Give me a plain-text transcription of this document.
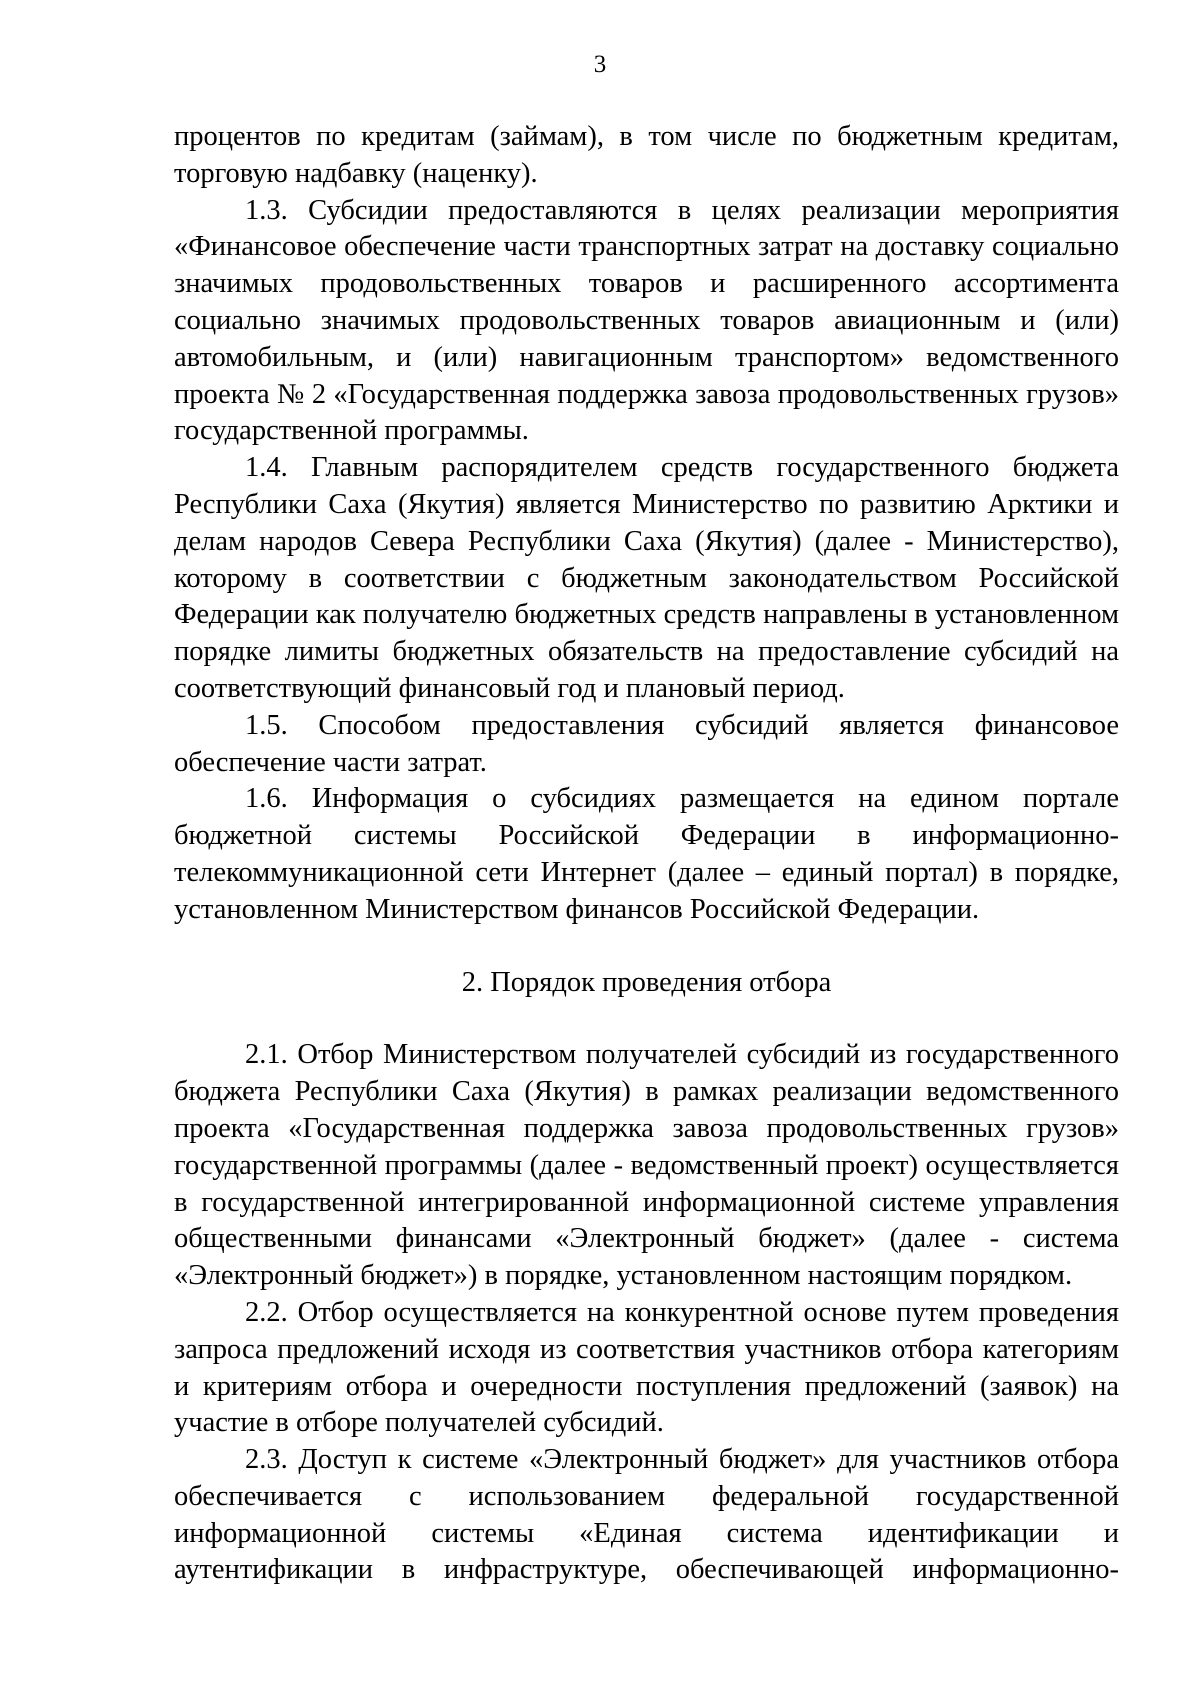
3

процентов по кредитам (займам), в том числе по бюджетным кредитам, торговую надбавку (наценку).

1.3. Субсидии предоставляются в целях реализации мероприятия «Финансовое обеспечение части транспортных затрат на доставку социально значимых продовольственных товаров и расширенного ассортимента социально значимых продовольственных товаров авиационным и (или) автомобильным, и (или) навигационным транспортом» ведомственного проекта № 2 «Государственная поддержка завоза продовольственных грузов» государственной программы.

1.4. Главным распорядителем средств государственного бюджета Республики Саха (Якутия) является Министерство по развитию Арктики и делам народов Севера Республики Саха (Якутия) (далее - Министерство), которому в соответствии с бюджетным законодательством Российской Федерации как получателю бюджетных средств направлены в установленном порядке лимиты бюджетных обязательств на предоставление субсидий на соответствующий финансовый год и плановый период.

1.5. Способом предоставления субсидий является финансовое обеспечение части затрат.

1.6. Информация о субсидиях размещается на едином портале бюджетной системы Российской Федерации в информационно-телекоммуникационной сети Интернет (далее – единый портал) в порядке, установленном Министерством финансов Российской Федерации.

2. Порядок проведения отбора

2.1. Отбор Министерством получателей субсидий из государственного бюджета Республики Саха (Якутия) в рамках реализации ведомственного проекта «Государственная поддержка завоза продовольственных грузов» государственной программы (далее - ведомственный проект) осуществляется в государственной интегрированной информационной системе управления общественными финансами «Электронный бюджет» (далее - система «Электронный бюджет») в порядке, установленном настоящим порядком.

2.2. Отбор осуществляется на конкурентной основе путем проведения запроса предложений исходя из соответствия участников отбора категориям и критериям отбора и очередности поступления предложений (заявок) на участие в отборе получателей субсидий.

2.3. Доступ к системе «Электронный бюджет» для участников отбора обеспечивается с использованием федеральной государственной информационной системы «Единая система идентификации и аутентификации в инфраструктуре, обеспечивающей информационно-
